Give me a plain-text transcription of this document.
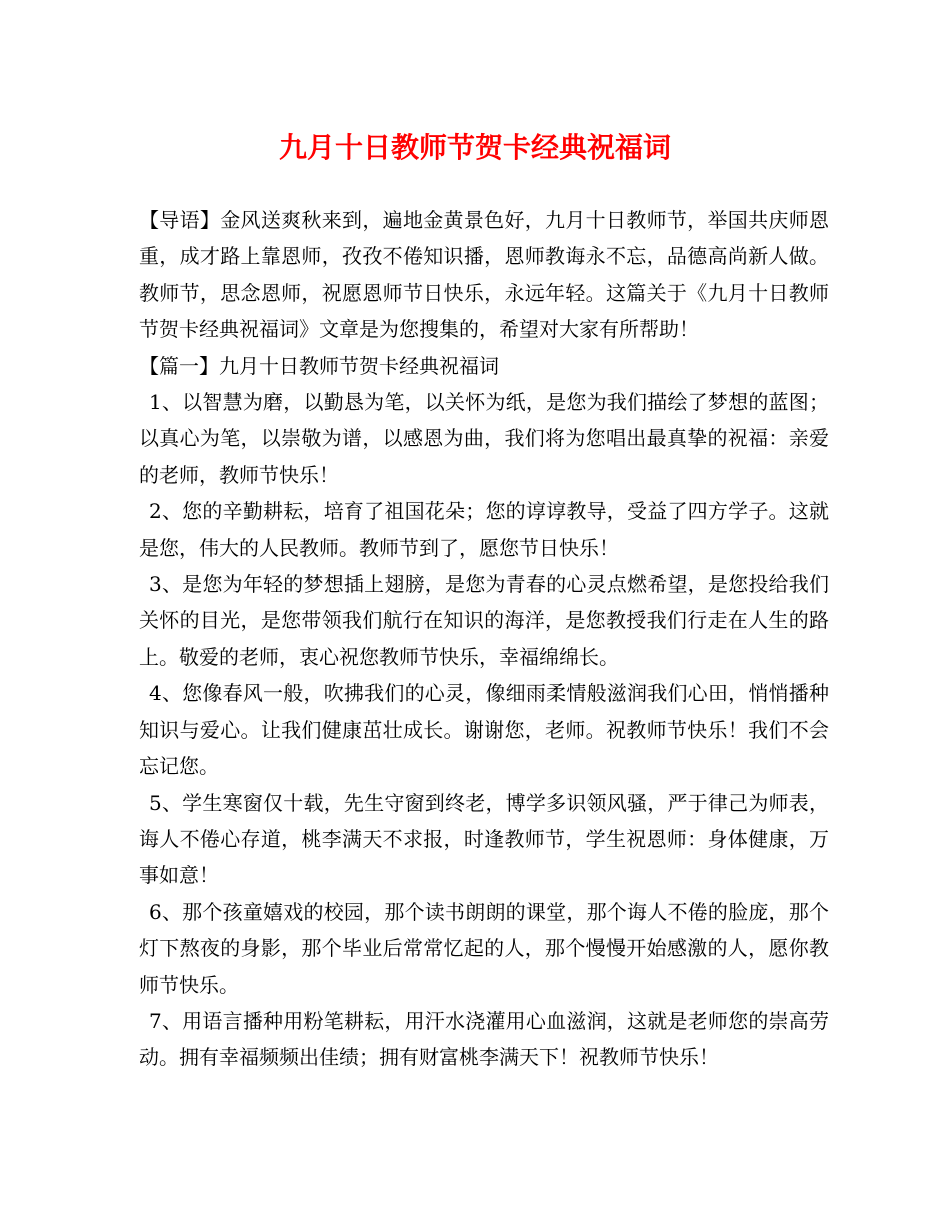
九月十日教师节贺卡经典祝福词

【导语】金风送爽秋来到，遍地金黄景色好，九月十日教师节，举国共庆师恩重，成才路上靠恩师，孜孜不倦知识播，恩师教诲永不忘，品德高尚新人做。教师节，思念恩师，祝愿恩师节日快乐，永远年轻。这篇关于《九月十日教师节贺卡经典祝福词》文章是为您搜集的，希望对大家有所帮助！

【篇一】九月十日教师节贺卡经典祝福词

1、以智慧为磨，以勤恳为笔，以关怀为纸，是您为我们描绘了梦想的蓝图；以真心为笔，以崇敬为谱，以感恩为曲，我们将为您唱出最真挚的祝福：亲爱的老师，教师节快乐！

2、您的辛勤耕耘，培育了祖国花朵；您的谆谆教导，受益了四方学子。这就是您，伟大的人民教师。教师节到了，愿您节日快乐！

3、是您为年轻的梦想插上翅膀，是您为青春的心灵点燃希望，是您投给我们关怀的目光，是您带领我们航行在知识的海洋，是您教授我们行走在人生的路上。敬爱的老师，衷心祝您教师节快乐，幸福绵绵长。

4、您像春风一般，吹拂我们的心灵，像细雨柔情般滋润我们心田，悄悄播种知识与爱心。让我们健康茁壮成长。谢谢您，老师。祝教师节快乐！我们不会忘记您。

5、学生寒窗仅十载，先生守窗到终老，博学多识领风骚，严于律己为师表，诲人不倦心存道，桃李满天不求报，时逢教师节，学生祝恩师：身体健康，万事如意！

6、那个孩童嬉戏的校园，那个读书朗朗的课堂，那个诲人不倦的脸庞，那个灯下熬夜的身影，那个毕业后常常忆起的人，那个慢慢开始感激的人，愿你教师节快乐。

7、用语言播种用粉笔耕耘，用汗水浇灌用心血滋润，这就是老师您的崇高劳动。拥有幸福频频出佳绩；拥有财富桃李满天下！祝教师节快乐！
